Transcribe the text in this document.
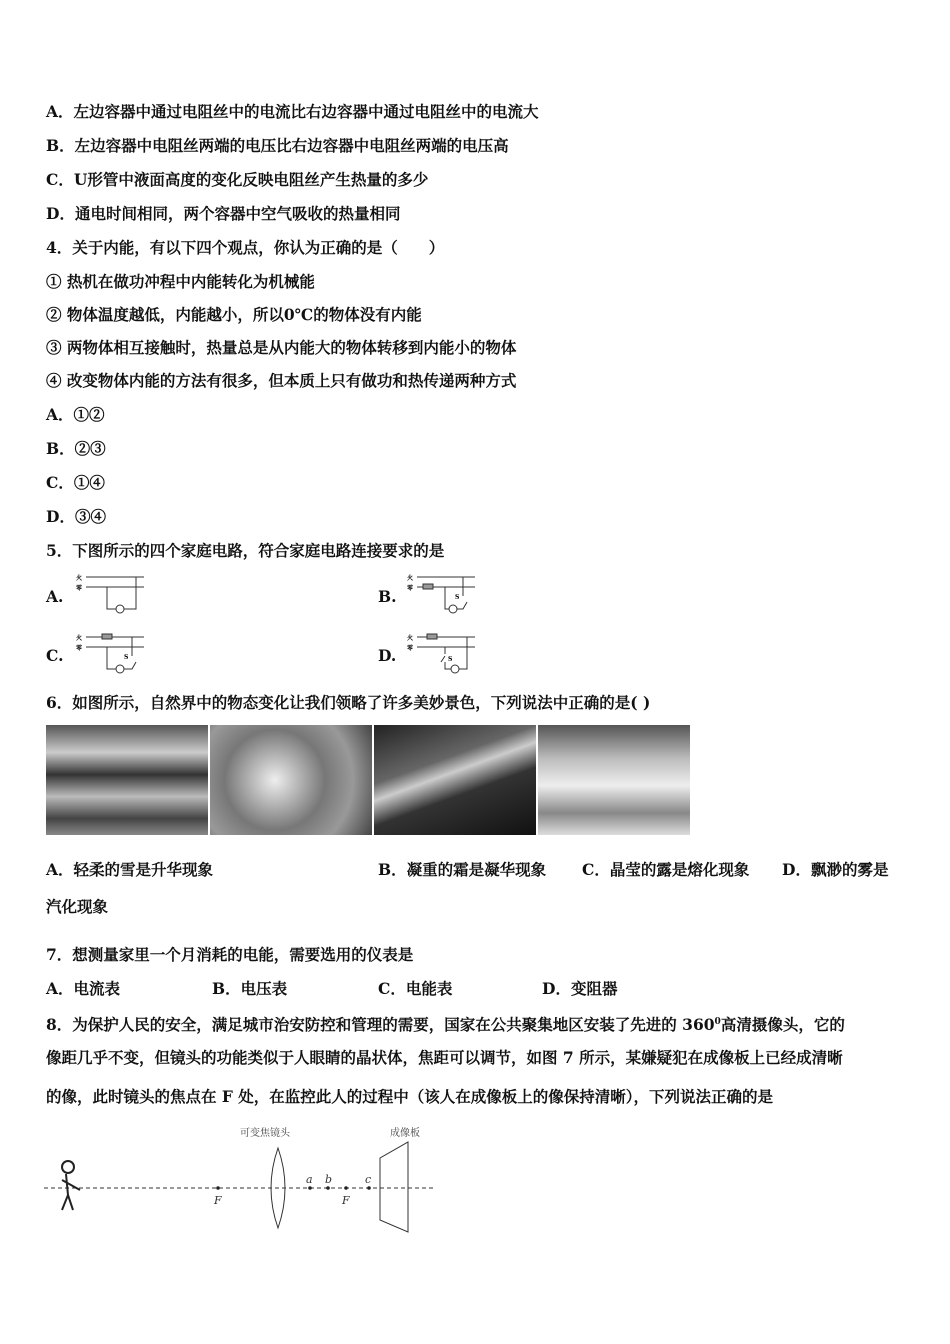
A．左边容器中通过电阻丝中的电流比右边容器中通过电阻丝中的电流大
B．左边容器中电阻丝两端的电压比右边容器中电阻丝两端的电压高
C．U形管中液面高度的变化反映电阻丝产生热量的多少
D．通电时间相同，两个容器中空气吸收的热量相同
4．关于内能，有以下四个观点，你认为正确的是（　　）
① 热机在做功冲程中内能转化为机械能
② 物体温度越低，内能越小，所以0℃的物体没有内能
③ 两物体相互接触时，热量总是从内能大的物体转移到内能小的物体
④ 改变物体内能的方法有很多，但本质上只有做功和热传递两种方式
A．①②
B．②③
C．①④
D．③④
5．下图所示的四个家庭电路，符合家庭电路连接要求的是
A.	B.
C.	D.
火
零
火
零
S
火
零
S
火
零
S
6．如图所示，自然界中的物态变化让我们领略了许多美妙景色，下列说法中正确的是( )
A．轻柔的雪是升华现象	B．凝重的霜是凝华现象 C．晶莹的露是熔化现象 D．飘渺的雾是
汽化现象
7．想测量家里一个月消耗的电能，需要选用的仪表是
A．电流表	B．电压表	C．电能表	D．变阻器
8．为保护人民的安全，满足城市治安防控和管理的需要，国家在公共聚集地区安装了先进的 $360^0$高清摄像头，它的
像距几乎不变，但镜头的功能类似于人眼睛的晶状体，焦距可以调节，如图 7 所示，某嫌疑犯在成像板上已经成清晰
的像，此时镜头的焦点在 F 处，在监控此人的过程中（该人在成像板上的像保持清晰），下列说法正确的是
可变焦镜头	成像板
F	F
a b	c
